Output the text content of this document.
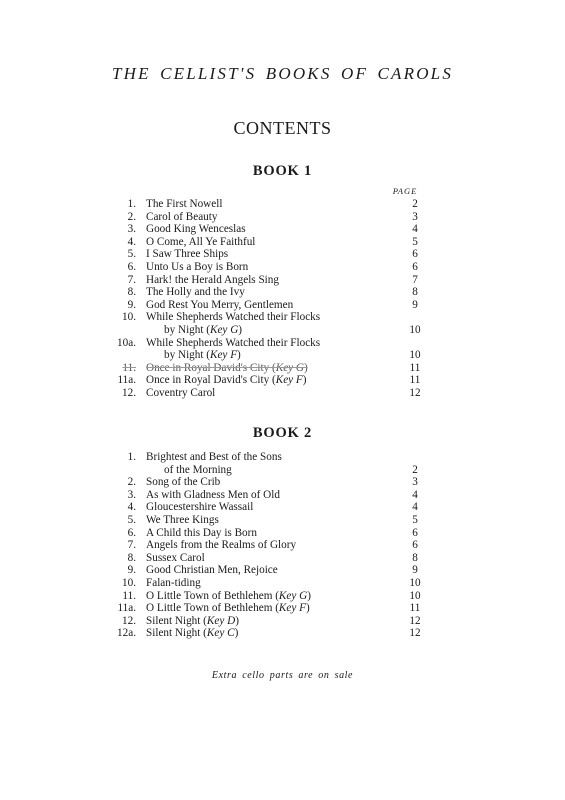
THE CELLIST'S BOOKS OF CAROLS
CONTENTS
BOOK 1
PAGE
1. The First Nowell	2
2. Carol of Beauty	3
3. Good King Wenceslas	4
4. O Come, All Ye Faithful	5
5. I Saw Three Ships	6
6. Unto Us a Boy is Born	6
7. Hark! the Herald Angels Sing	7
8. The Holly and the Ivy	8
9. God Rest You Merry, Gentlemen	9
10. While Shepherds Watched their Flocks
by Night (Key G)	10
10a. While Shepherds Watched their Flocks
by Night (Key F)	10
11. Once in Royal David's City (Key G)	11
11a. Once in Royal David's City (Key F)	11
12. Coventry Carol	12
BOOK 2
1. Brightest and Best of the Sons
of the Morning	2
2. Song of the Crib	3
3. As with Gladness Men of Old	4
4. Gloucestershire Wassail	4
5. We Three Kings	5
6. A Child this Day is Born	6
7. Angels from the Realms of Glory	6
8. Sussex Carol	8
9. Good Christian Men, Rejoice	9
10. Falan-tiding	10
11. O Little Town of Bethlehem (Key G)	10
11a. O Little Town of Bethlehem (Key F)	11
12. Silent Night (Key D)	12
12a. Silent Night (Key C)	12
Extra cello parts are on sale
